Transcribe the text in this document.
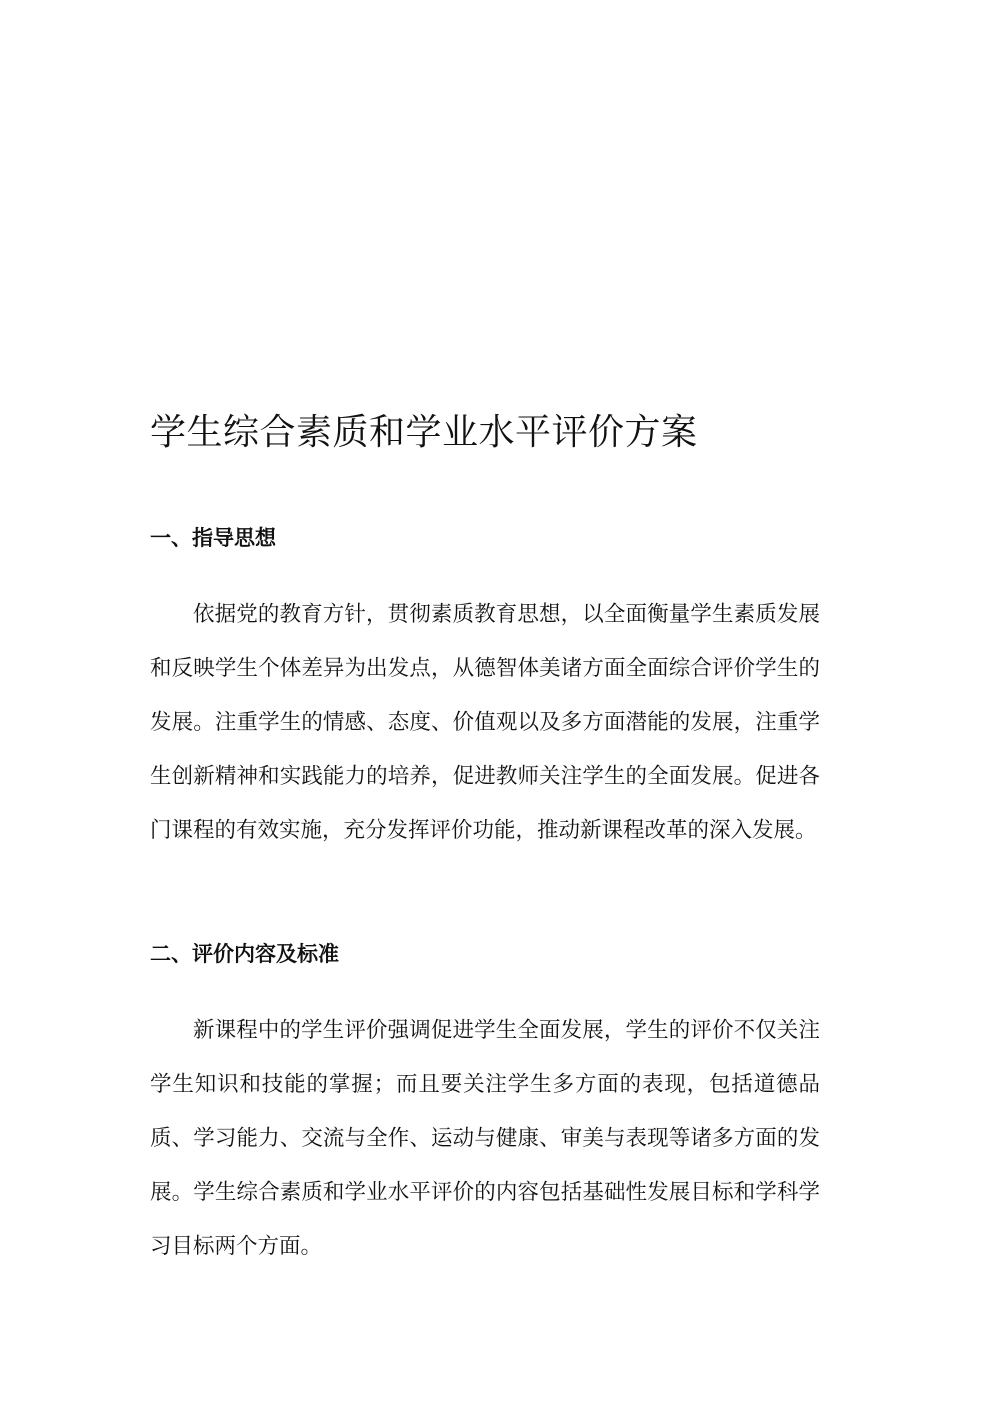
学生综合素质和学业水平评价方案
一、指导思想

依据党的教育方针，贯彻素质教育思想，以全面衡量学生素质发展和反映学生个体差异为出发点，从德智体美诸方面全面综合评价学生的发展。注重学生的情感、态度、价值观以及多方面潜能的发展，注重学生创新精神和实践能力的培养，促进教师关注学生的全面发展。促进各门课程的有效实施，充分发挥评价功能，推动新课程改革的深入发展。

二、评价内容及标准

新课程中的学生评价强调促进学生全面发展，学生的评价不仅关注学生知识和技能的掌握；而且要关注学生多方面的表现，包括道德品质、学习能力、交流与全作、运动与健康、审美与表现等诸多方面的发展。学生综合素质和学业水平评价的内容包括基础性发展目标和学科学习目标两个方面。
